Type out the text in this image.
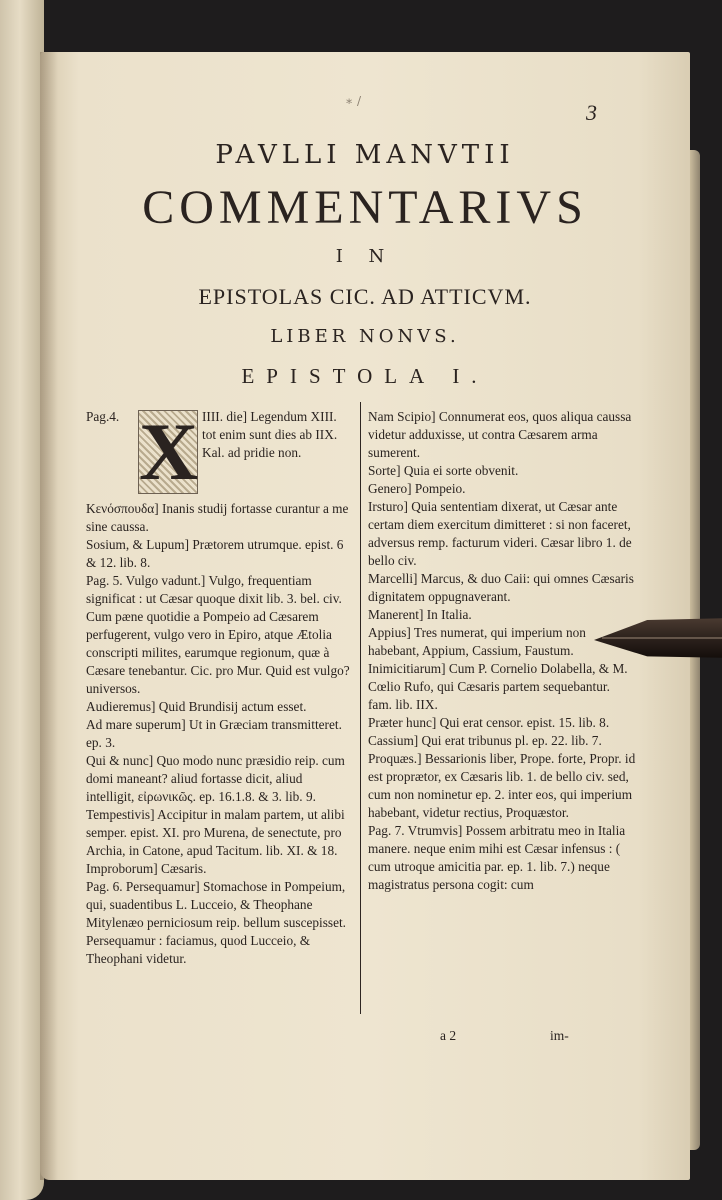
∗ /	3
PAVLLI MANVTII
COMMENTARIVS
I N
EPISTOLAS CIC. AD ATTICVM.
LIBER NONVS.
EPISTOLA I.
Pag.4. X IIII. die] Legendum XIII. tot enim sunt dies ab IIX. Kal. ad pridie non.

Κενόσπουδα] Inanis studij fortasse curantur a me sine caussa.

Sosium, & Lupum] Prætorem utrumque. epist. 6 & 12. lib. 8.

Pag. 5. Vulgo vadunt.] Vulgo, frequentiam significat : ut Cæsar quoque dixit lib. 3. bel. civ. Cum pæne quotidie a Pompeio ad Cæsarem perfugerent, vulgo vero in Epiro, atque Ætolia conscripti milites, earumque regionum, quæ à Cæsare tenebantur. Cic. pro Mur. Quid est vulgo? universos.

Audieremus] Quid Brundisij actum esset.

Ad mare superum] Ut in Græciam transmitteret. ep. 3.

Qui & nunc] Quo modo nunc præsidio reip. cum domi maneant? aliud fortasse dicit, aliud intelligit, εἰρωνικῶς. ep. 16.1.8. & 3. lib. 9.

Tempestivis] Accipitur in malam partem, ut alibi semper. epist. XI. pro Murena, de senectute, pro Archia, in Catone, apud Tacitum. lib. XI. & 18.

Improborum] Cæsaris.

Pag. 6. Persequamur] Stomachose in Pompeium, qui, suadentibus L. Lucceio, & Theophane Mitylenæo perniciosum reip. bellum suscepisset. Persequamur : faciamus, quod Lucceio, & Theophani videtur.

Nam Scipio] Connumerat eos, quos aliqua caussa videtur adduxisse, ut contra Cæsarem arma sumerent.

Sorte] Quia ei sorte obvenit.

Genero] Pompeio.

Irsturo] Quia sententiam dixerat, ut Cæsar ante certam diem exercitum dimitteret : si non faceret, adversus remp. facturum videri. Cæsar libro 1. de bello civ.

Marcelli] Marcus, & duo Caii: qui omnes Cæsaris dignitatem oppugnaverant.

Manerent] In Italia.

Appius] Tres numerat, qui imperium non habebant, Appium, Cassium, Faustum.

Inimicitiarum] Cum P. Cornelio Dolabella, & M. Cœlio Rufo, qui Cæsaris partem sequebantur. fam. lib. IIX.

Præter hunc] Qui erat censor. epist. 15. lib. 8.

Cassium] Qui erat tribunus pl. ep. 22. lib. 7.

Proquæs.] Bessarionis liber, Prope. forte, Propr. id est proprætor, ex Cæsaris lib. 1. de bello civ. sed, cum non nominetur ep. 2. inter eos, qui imperium habebant, videtur rectius, Proquæstor.

Pag. 7. Vtrumvis] Possem arbitratu meo in Italia manere. neque enim mihi est Cæsar infensus : ( cum utroque amicitia par. ep. 1. lib. 7.) neque magistratus persona cogit: cum

a 2	im-
